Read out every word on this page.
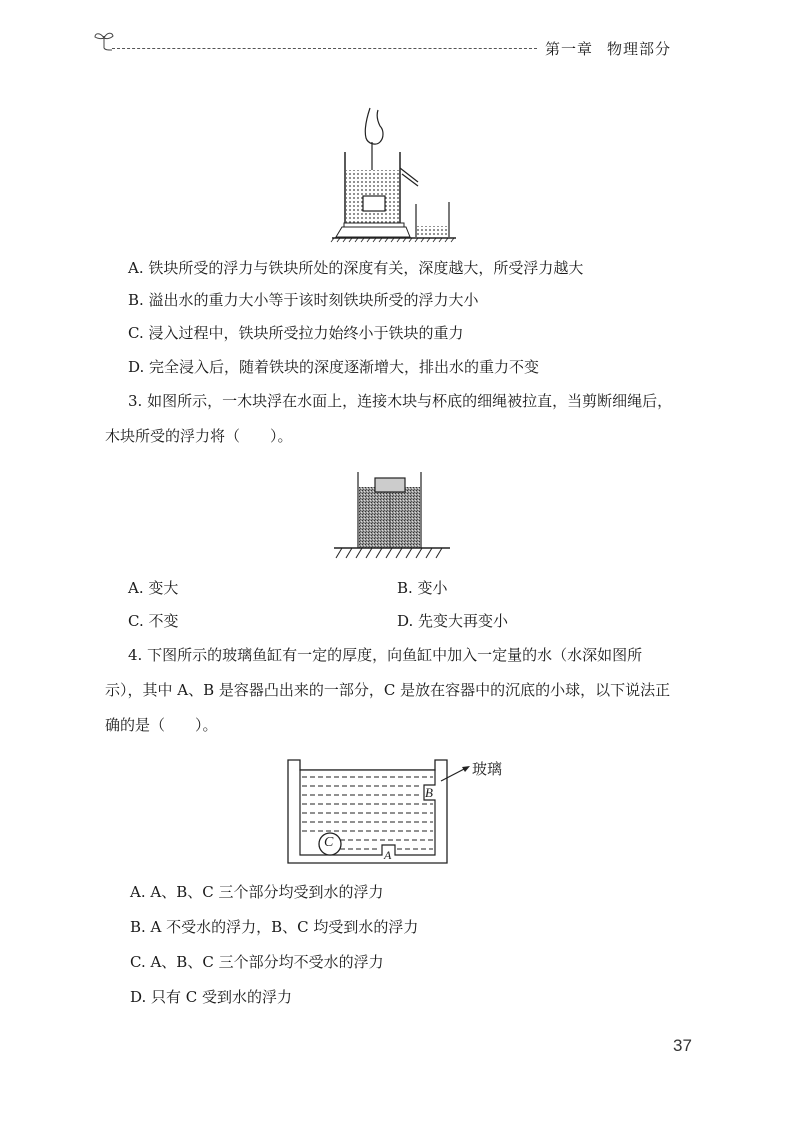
第一章 物理部分
A. 铁块所受的浮力与铁块所处的深度有关，深度越大，所受浮力越大
B. 溢出水的重力大小等于该时刻铁块所受的浮力大小
C. 浸入过程中，铁块所受拉力始终小于铁块的重力
D. 完全浸入后，随着铁块的深度逐渐增大，排出水的重力不变
3. 如图所示，一木块浮在水面上，连接木块与杯底的细绳被拉直，当剪断细绳后，
木块所受的浮力将（　　）。
A. 变大	B. 变小
C. 不变	D. 先变大再变小
4. 下图所示的玻璃鱼缸有一定的厚度，向鱼缸中加入一定量的水（水深如图所
示），其中 A、B 是容器凸出来的一部分，C 是放在容器中的沉底的小球，以下说法正
确的是（　　）。
C
A
B
玻璃
A. A、B、C 三个部分均受到水的浮力
B. A 不受水的浮力，B、C 均受到水的浮力
C. A、B、C 三个部分均不受水的浮力
D. 只有 C 受到水的浮力
37
